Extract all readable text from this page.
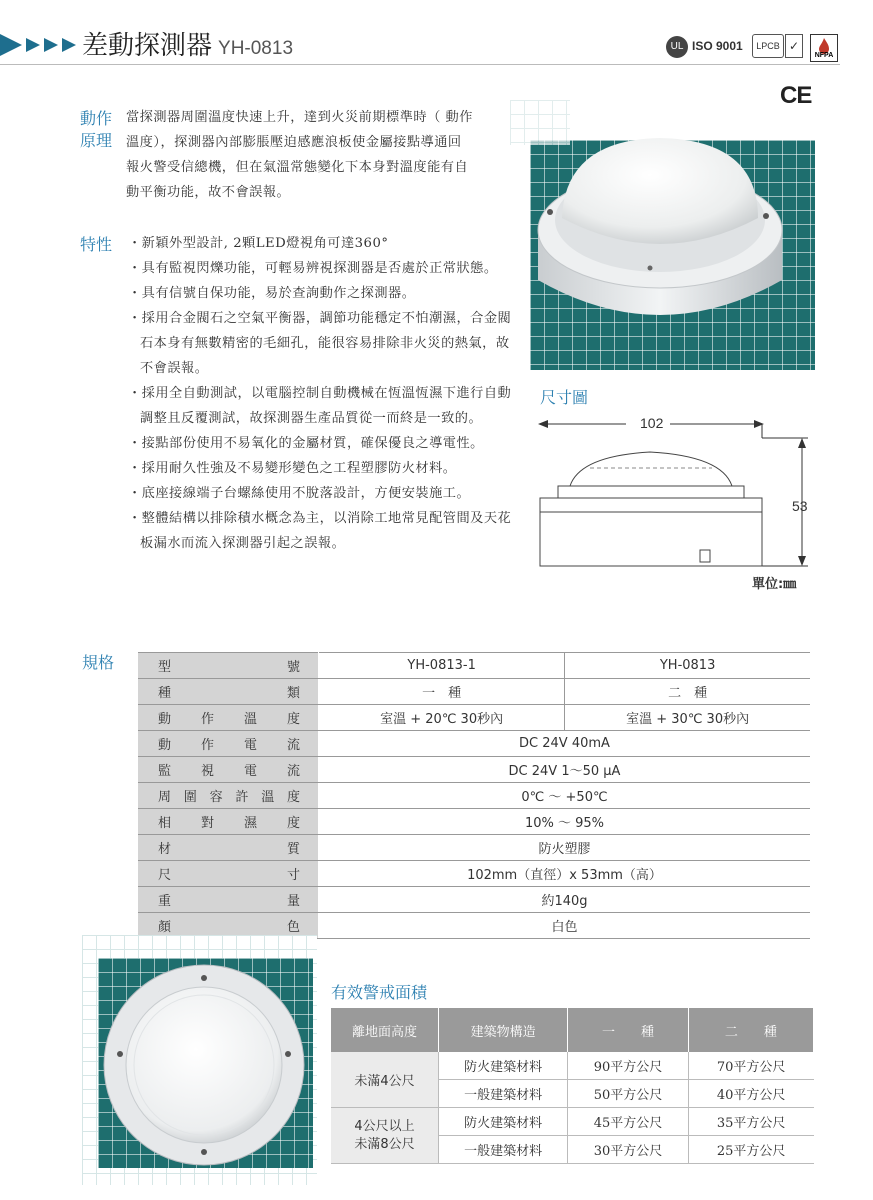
差動探測器 YH-0813	UL ISO 9001	LPCB ✓
NFPA
CE
動作
原理
當探測器周圍溫度快速上升，達到火災前期標準時（ 動作
溫度），探測器內部膨脹壓迫感應浪板使金屬接點導通回
報火警受信總機，但在氣溫常態變化下本身對溫度能有自
動平衡功能，故不會誤報。
特性 ・新穎外型設計, 2顆LED燈視角可達360°

・具有監視閃爍功能，可輕易辨視探測器是否處於正常狀態。

・具有信號自保功能，易於查詢動作之探測器。

・採用合金閥石之空氣平衡器，調節功能穩定不怕潮濕，合金閥石本身有無數精密的毛細孔，能很容易排除非火災的熱氣，故不會誤報。

・採用全自動測試，以電腦控制自動機械在恆溫恆濕下進行自動調整且反覆測試，故探測器生產品質從一而終是一致的。

・接點部份使用不易氧化的金屬材質，確保優良之導電性。

・採用耐久性強及不易變形變色之工程塑膠防火材料。

・底座接線端子台螺絲使用不脫落設計，方便安裝施工。

・整體結構以排除積水概念為主，以消除工地常見配管間及天花板漏水而流入探測器引起之誤報。

尺寸圖
102
53
單位:㎜
規格	型號	YH-0813-1	YH-0813
種類	一　種	二　種
動作溫度	室溫 + 20℃ 30秒內	室溫 + 30℃ 30秒內
動作電流	DC 24V 40mA	
監視電流	DC 24V 1～50 μA	
周圍容許溫度	0℃ ～ +50℃	
相對濕度	10% ～ 95%	
材質	防火塑膠	
尺寸	102mm（直徑）x 53mm（高）	
重量	約140g	
顏色	白色	
有效警戒面積
離地面高度	建築物構造	一　　種	二　　種
未滿4公尺	防火建築材料	90平方公尺	70平方公尺
	一般建築材料	50平方公尺	40平方公尺
4公尺以上
未滿8公尺	防火建築材料	45平方公尺	35平方公尺
	一般建築材料	30平方公尺	25平方公尺
